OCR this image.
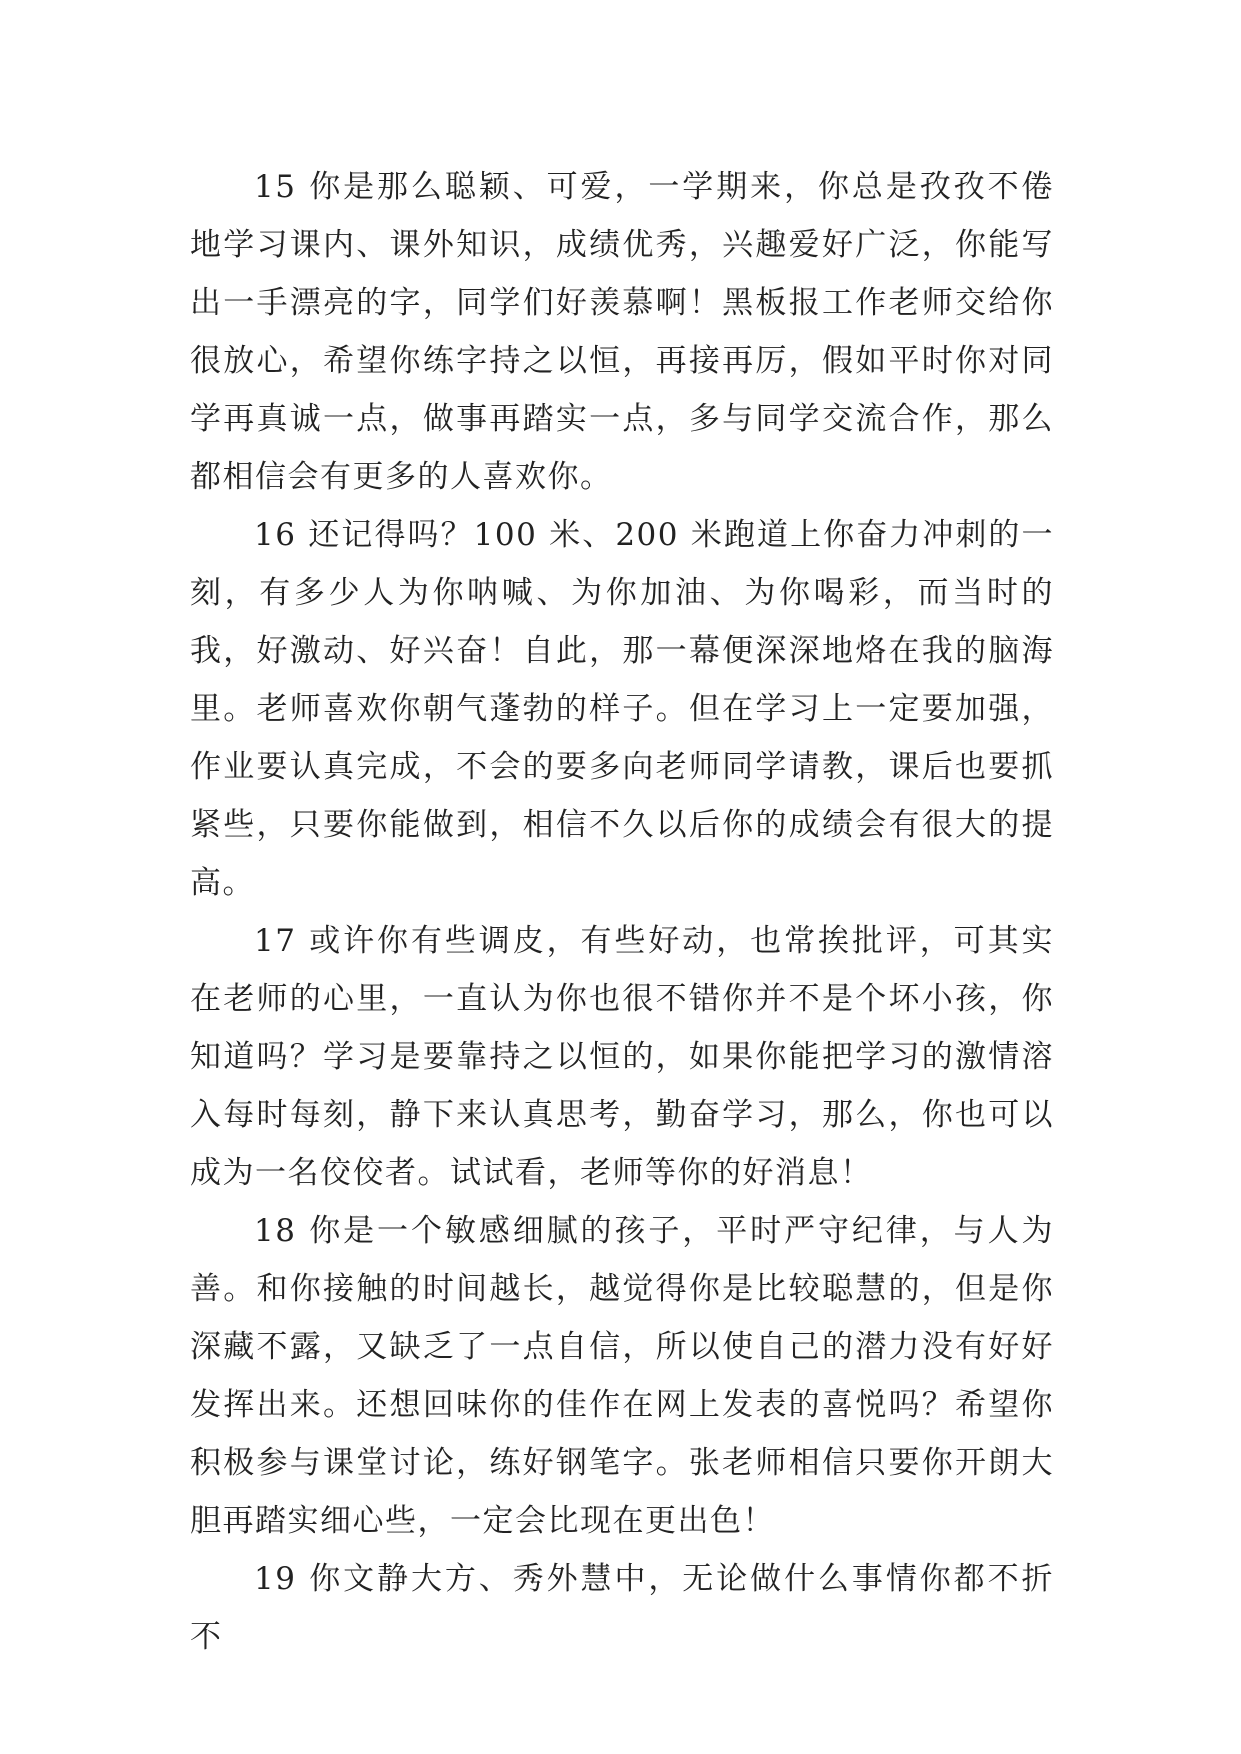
15 你是那么聪颖、可爱，一学期来，你总是孜孜不倦地学习课内、课外知识，成绩优秀，兴趣爱好广泛，你能写出一手漂亮的字，同学们好羡慕啊！黑板报工作老师交给你很放心，希望你练字持之以恒，再接再厉，假如平时你对同学再真诚一点，做事再踏实一点，多与同学交流合作，那么都相信会有更多的人喜欢你。

16 还记得吗？100 米、200 米跑道上你奋力冲刺的一刻，有多少人为你呐喊、为你加油、为你喝彩，而当时的我，好激动、好兴奋！自此，那一幕便深深地烙在我的脑海里。老师喜欢你朝气蓬勃的样子。但在学习上一定要加强，作业要认真完成，不会的要多向老师同学请教，课后也要抓紧些，只要你能做到，相信不久以后你的成绩会有很大的提高。

17 或许你有些调皮，有些好动，也常挨批评，可其实在老师的心里，一直认为你也很不错你并不是个坏小孩，你知道吗？学习是要靠持之以恒的，如果你能把学习的激情溶入每时每刻，静下来认真思考，勤奋学习，那么，你也可以成为一名佼佼者。试试看，老师等你的好消息！

18 你是一个敏感细腻的孩子，平时严守纪律，与人为善。和你接触的时间越长，越觉得你是比较聪慧的，但是你深藏不露，又缺乏了一点自信，所以使自己的潜力没有好好发挥出来。还想回味你的佳作在网上发表的喜悦吗？希望你积极参与课堂讨论，练好钢笔字。张老师相信只要你开朗大胆再踏实细心些，一定会比现在更出色！

19 你文静大方、秀外慧中，无论做什么事情你都不折不
